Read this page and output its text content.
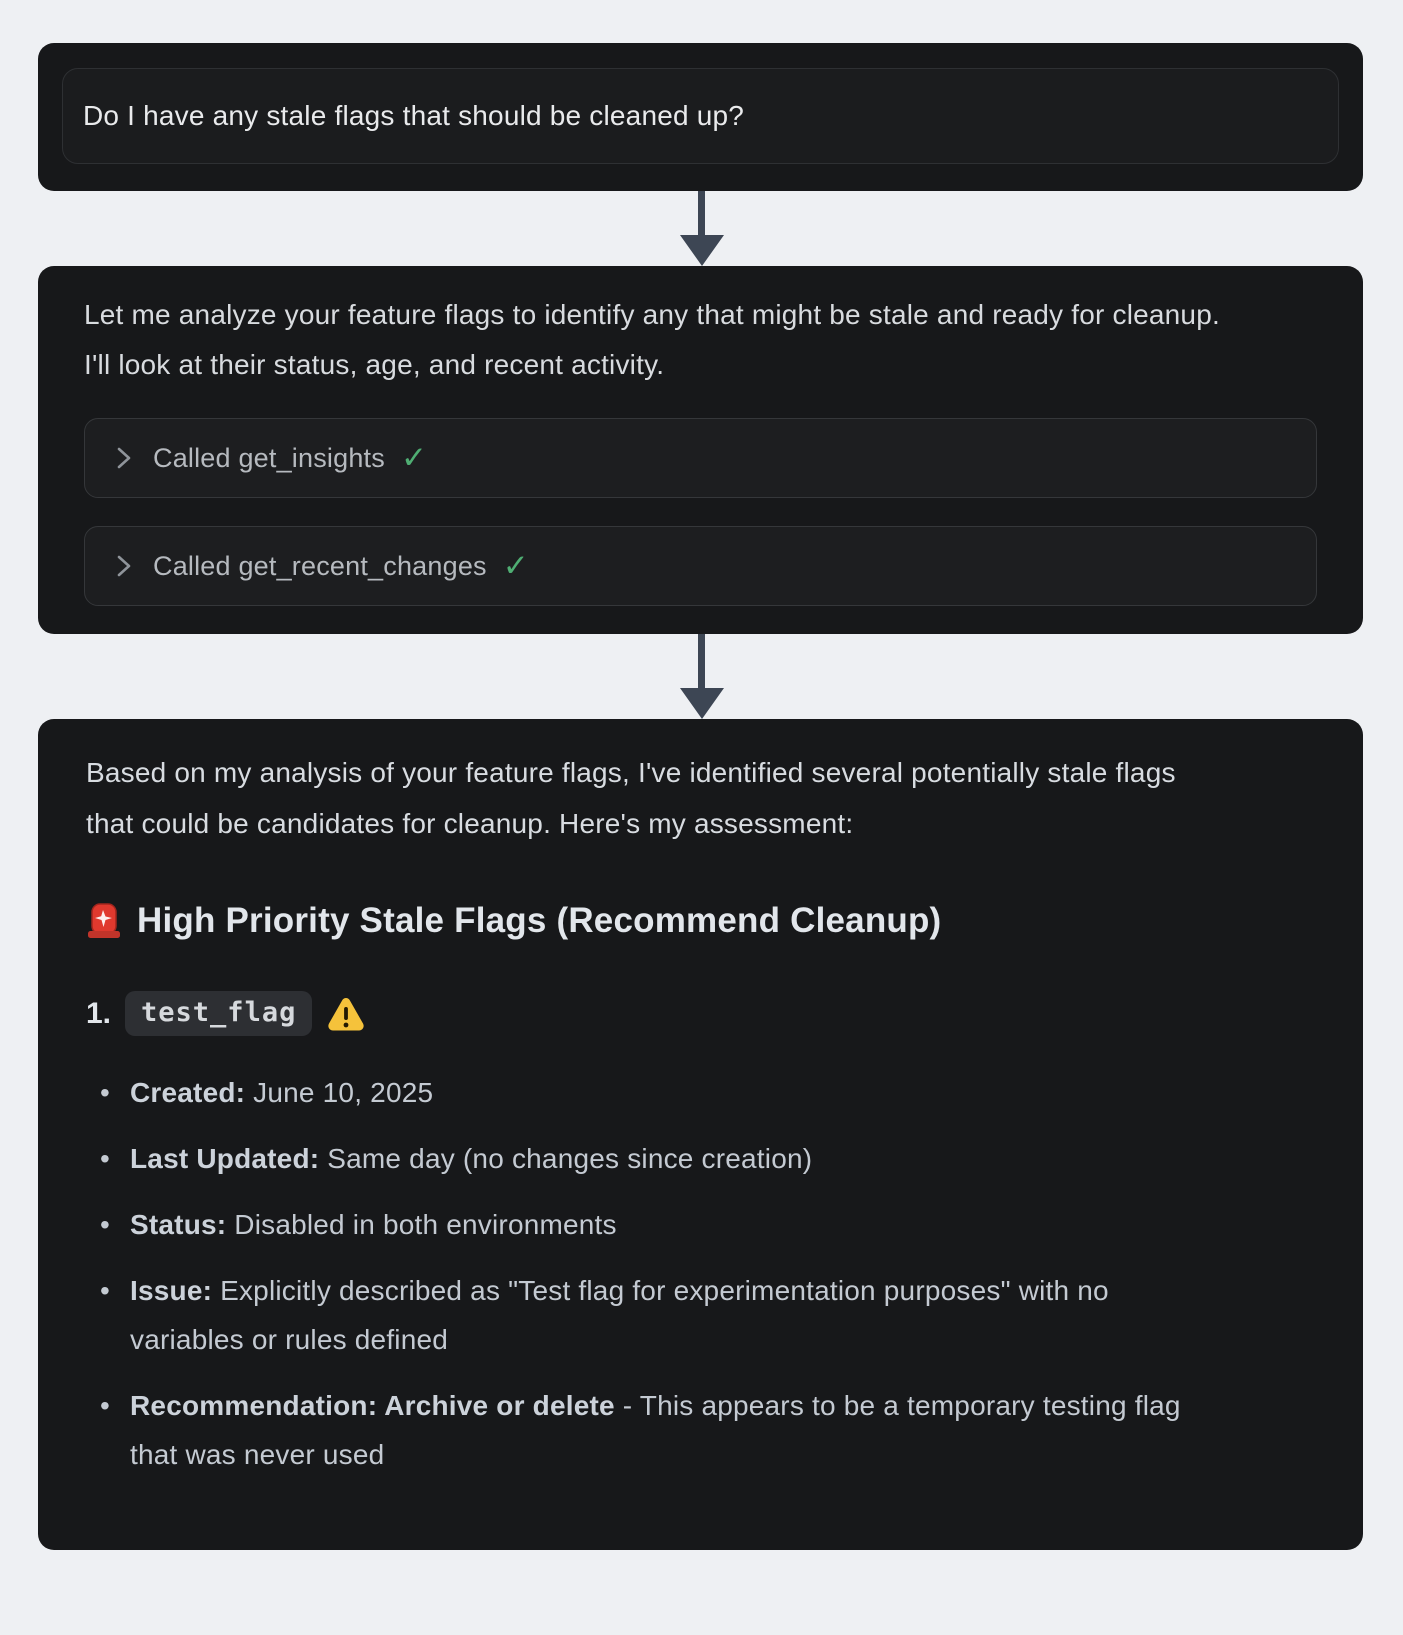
Do I have any stale flags that should be cleaned up?
Let me analyze your feature flags to identify any that might be stale and ready for cleanup. I'll look at their status, age, and recent activity.
Called get_insights ✓
Called get_recent_changes ✓
Based on my analysis of your feature flags, I've identified several potentially stale flags that could be candidates for cleanup. Here's my assessment:
High Priority Stale Flags (Recommend Cleanup)
1.	test_flag
• Created: June 10, 2025
• Last Updated: Same day (no changes since creation)
• Status: Disabled in both environments
• Issue: Explicitly described as "Test flag for experimentation purposes" with no variables or rules defined
• Recommendation: Archive or delete - This appears to be a temporary testing flag that was never used
